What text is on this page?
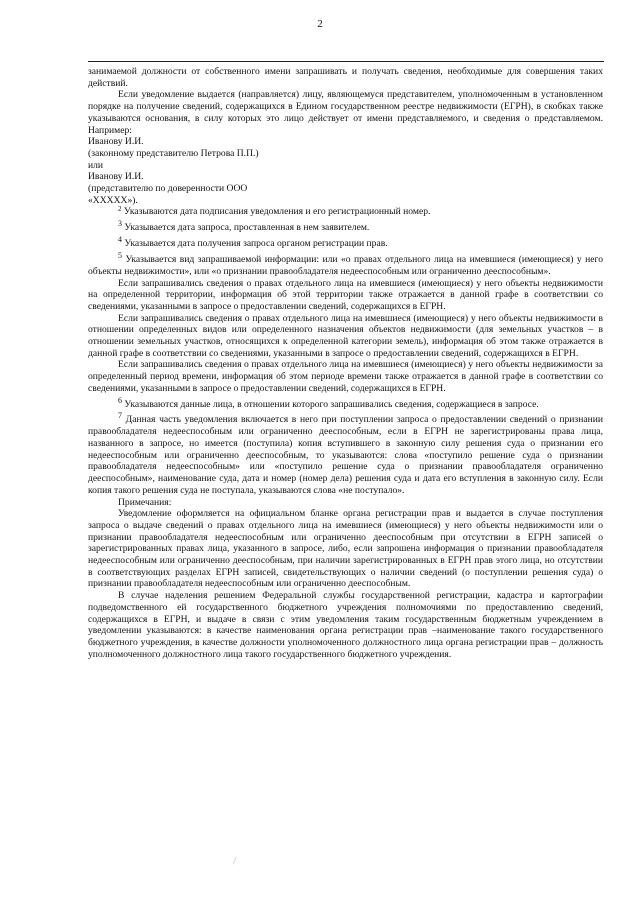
2

занимаемой должности от собственного имени запрашивать и получать сведения, необходимые для совершения таких действий.

Если уведомление выдается (направляется) лицу, являющемуся представителем, уполномоченным в установленном порядке на получение сведений, содержащихся в Едином государственном реестре недвижимости (ЕГРН), в скобках также указываются основания, в силу которых это лицо действует от имени представляемого, и сведения о представляемом. Например:

Иванову И.И.

(законному представителю Петрова П.П.)

или

Иванову И.И.

(представителю по доверенности ООО

«ХХХХХ»).

$^2$ Указываются дата подписания уведомления и его регистрационный номер.

$^3$ Указывается дата запроса, проставленная в нем заявителем.

$^4$ Указывается дата получения запроса органом регистрации прав.

$^5$ Указывается вид запрашиваемой информации: или «о правах отдельного лица на имевшиеся (имеющиеся) у него объекты недвижимости», или «о признании правообладателя недееспособным или ограниченно дееспособным».

Если запрашивались сведения о правах отдельного лица на имевшиеся (имеющиеся) у него объекты недвижимости на определенной территории, информация об этой территории также отражается в данной графе в соответствии со сведениями, указанными в запросе о предоставлении сведений, содержащихся в ЕГРН.

Если запрашивались сведения о правах отдельного лица на имевшиеся (имеющиеся) у него объекты недвижимости в отношении определенных видов или определенного назначения объектов недвижимости (для земельных участков – в отношении земельных участков, относящихся к определенной категории земель), информация об этом также отражается в данной графе в соответствии со сведениями, указанными в запросе о предоставлении сведений, содержащихся в ЕГРН.

Если запрашивались сведения о правах отдельного лица на имевшиеся (имеющиеся) у него объекты недвижимости за определенный период времени, информация об этом периоде времени также отражается в данной графе в соответствии со сведениями, указанными в запросе о предоставлении сведений, содержащихся в ЕГРН.

$^6$ Указываются данные лица, в отношении которого запрашивались сведения, содержащиеся в запросе.

$^7$ Данная часть уведомления включается в него при поступлении запроса о предоставлении сведений о признании правообладателя недееспособным или ограниченно дееспособным, если в ЕГРН не зарегистрированы права лица, названного в запросе, но имеется (поступила) копия вступившего в законную силу решения суда о признании его недееспособным или ограниченно дееспособным, то указываются: слова «поступило решение суда о признании правообладателя недееспособным» или «поступило решение суда о признании правообладателя ограниченно дееспособным», наименование суда, дата и номер (номер дела) решения суда и дата его вступления в законную силу. Если копия такого решения суда не поступала, указываются слова «не поступало».

Примечания:

Уведомление оформляется на официальном бланке органа регистрации прав и выдается в случае поступления запроса о выдаче сведений о правах отдельного лица на имевшиеся (имеющиеся) у него объекты недвижимости или о признании правообладателя недееспособным или ограниченно дееспособным при отсутствии в ЕГРН записей о зарегистрированных правах лица, указанного в запросе, либо, если запрошена информация о признании правообладателя недееспособным или ограниченно дееспособным, при наличии зарегистрированных в ЕГРН прав этого лица, но отсутствии в соответствующих разделах ЕГРН записей, свидетельствующих о наличии сведений (о поступлении решения суда) о признании правообладателя недееспособным или ограниченно дееспособным.

В случае наделения решением Федеральной службы государственной регистрации, кадастра и картографии подведомственного ей государственного бюджетного учреждения полномочиями по предоставлению сведений, содержащихся в ЕГРН, и выдаче в связи с этим уведомления таким государственным бюджетным учреждением в уведомлении указываются: в качестве наименования органа регистрации прав –наименование такого государственного бюджетного учреждения, в качестве должности уполномоченного должностного лица органа регистрации прав – должность уполномоченного должностного лица такого государственного бюджетного учреждения.
